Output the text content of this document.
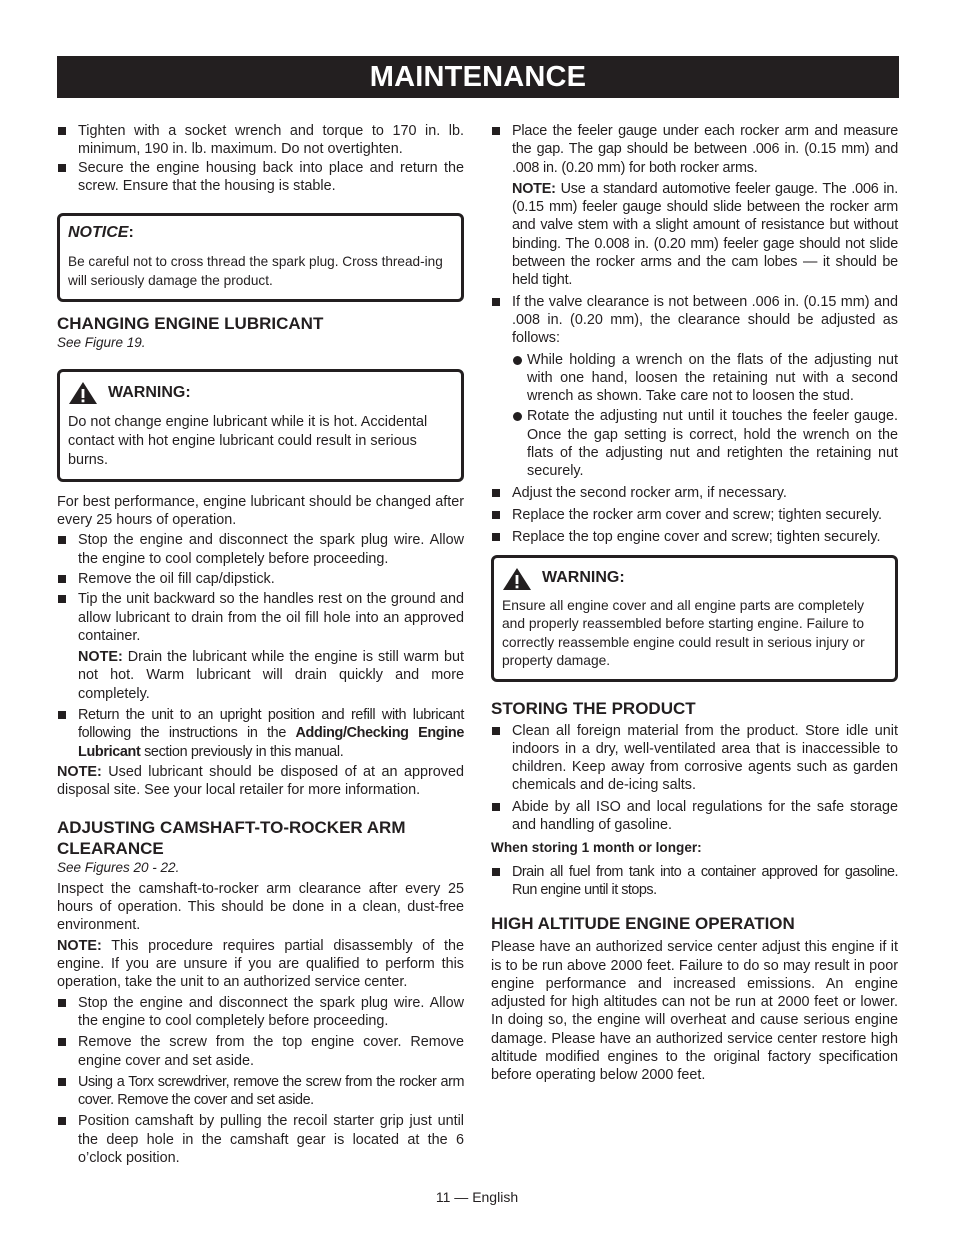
MAINTENANCE
Tighten with a socket wrench and torque to 170 in. lb. minimum, 190 in. lb. maximum. Do not overtighten.
Secure the engine housing back into place and return the screw. Ensure that the housing is stable.
NOTICE :
Be careful not to cross thread the spark plug. Cross thread-ing will seriously damage the product.
CHANGING ENGINE LUBRICANT
See Figure 19.
WARNING:
Do not change engine lubricant while it is hot. Accidental contact with hot engine lubricant could result in serious burns.

For best performance, engine lubricant should be changed after every 25 hours of operation.

Stop the engine and disconnect the spark plug wire. Allow the engine to cool completely before proceeding.
Remove the oil fill cap/dipstick.
Tip the unit backward so the handles rest on the ground and allow lubricant to drain from the oil fill hole into an approved container.
NOTE: Drain the lubricant while the engine is still warm but not hot. Warm lubricant will drain quickly and more completely.
Return the unit to an upright position and refill with lubricant following the instructions in the Adding/Checking Engine Lubricant section previously in this manual.

NOTE: Used lubricant should be disposed of at an approved disposal site. See your local retailer for more information.

ADJUSTING CAMSHAFT-TO-ROCKER ARM CLEARANCE
See Figures 20 - 22.

Inspect the camshaft-to-rocker arm clearance after every 25 hours of operation. This should be done in a clean, dust-free environment.

NOTE: This procedure requires partial disassembly of the engine. If you are unsure if you are qualified to perform this operation, take the unit to an authorized service center.

Stop the engine and disconnect the spark plug wire. Allow the engine to cool completely before proceeding.
Remove the screw from the top engine cover. Remove engine cover and set aside.
Using a Torx screwdriver, remove the screw from the rocker arm cover. Remove the cover and set aside.
Position camshaft by pulling the recoil starter grip just until the deep hole in the camshaft gear is located at the 6 o’clock position.
Place the feeler gauge under each rocker arm and measure the gap. The gap should be between .006 in. (0.15 mm) and .008 in. (0.20 mm) for both rocker arms.
NOTE: Use a standard automotive feeler gauge. The .006 in. (0.15 mm) feeler gauge should slide between the rocker arm and valve stem with a slight amount of resistance but without binding. The 0.008 in. (0.20 mm) feeler gage should not slide between the rocker arms and the cam lobes — it should be held tight.
If the valve clearance is not between .006 in. (0.15 mm) and .008 in. (0.20 mm), the clearance should be adjusted as follows:
While holding a wrench on the flats of the adjusting nut with one hand, loosen the retaining nut with a second wrench as shown. Take care not to loosen the stud.
Rotate the adjusting nut until it touches the feeler gauge. Once the gap setting is correct, hold the wrench on the flats of the adjusting nut and retighten the retaining nut securely.
Adjust the second rocker arm, if necessary.
Replace the rocker arm cover and screw; tighten securely.
Replace the top engine cover and screw; tighten securely.
WARNING:
Ensure all engine cover and all engine parts are completely and properly reassembled before starting engine. Failure to correctly reassemble engine could result in serious injury or property damage.
STORING THE PRODUCT
Clean all foreign material from the product. Store idle unit indoors in a dry, well-ventilated area that is inaccessible to children. Keep away from corrosive agents such as garden chemicals and de-icing salts.
Abide by all ISO and local regulations for the safe storage and handling of gasoline.
When storing 1 month or longer:
Drain all fuel from tank into a container approved for gasoline. Run engine until it stops.
HIGH ALTITUDE ENGINE OPERATION

Please have an authorized service center adjust this engine if it is to be run above 2000 feet. Failure to do so may result in poor engine performance and increased emissions. An engine adjusted for high altitudes can not be run at 2000 feet or lower. In doing so, the engine will overheat and cause serious engine damage. Please have an authorized service center restore high altitude modified engines to the original factory specification before operating below 2000 feet.

11 — English
